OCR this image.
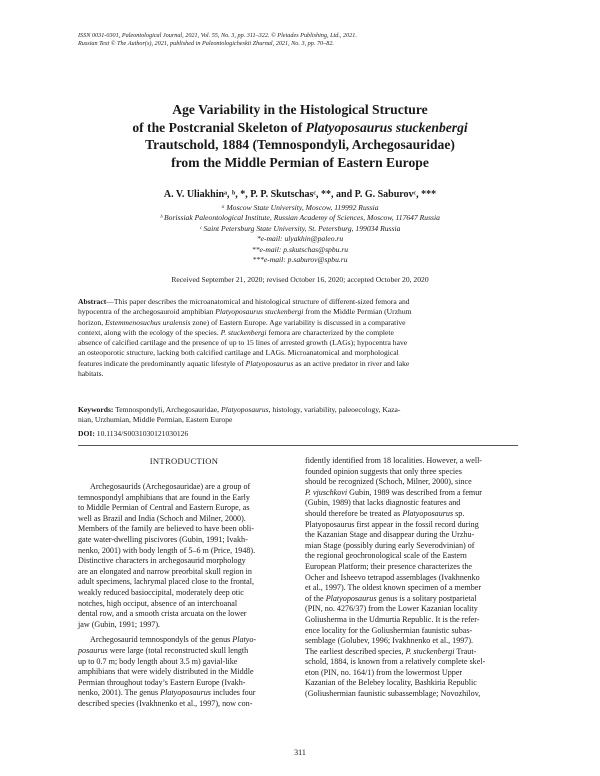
ISSN 0031-0301, Paleontological Journal, 2021, Vol. 55, No. 3, pp. 311–322. © Pleiades Publishing, Ltd., 2021.
Russian Text © The Author(s), 2021, published in Paleontologicheskii Zhurnal, 2021, No. 3, pp. 70–82.
Age Variability in the Histological Structure
of the Postcranial Skeleton of Platyoposaurus stuckenbergi
Trautschold, 1884 (Temnospondyli, Archegosauridae)
from the Middle Permian of Eastern Europe
A. V. Uliakhinᵃ, ᵇ, *, P. P. Skutschasᶜ, **, and P. G. Saburovᶜ, ***
ᵃ Moscow State University, Moscow, 119992 Russia
ᵇ Borissiak Paleontological Institute, Russian Academy of Sciences, Moscow, 117647 Russia
ᶜ Saint Petersburg State University, St. Petersburg, 199034 Russia
*e-mail: ulyakhin@paleo.ru
**e-mail: p.skutschas@spbu.ru
***e-mail: p.saburov@spbu.ru
Received September 21, 2020; revised October 16, 2020; accepted October 20, 2020
Abstract—This paper describes the microanatomical and histological structure of different-sized femora and
hypocentra of the archegosauroid amphibian Platyoposaurus stuckenbergi from the Middle Permian (Urzhum
horizon, Estemmenosuchus uralensis zone) of Eastern Europe. Age variability is discussed in a comparative
context, along with the ecology of the species. P. stuckenbergi femora are characterized by the complete
absence of calcified cartilage and the presence of up to 15 lines of arrested growth (LAGs); hypocentra have
an osteoporotic structure, lacking both calcified cartilage and LAGs. Microanatomical and morphological
features indicate the predominantly aquatic lifestyle of Platyoposaurus as an active predator in river and lake
habitats.
Keywords: Temnospondyli, Archegosauridae, Platyoposaurus, histology, variability, paleoecology, Kaza-
nian, Urzhumian, Middle Permian, Eastern Europe
DOI: 10.1134/S0031030121030126
INTRODUCTION
Archegosaurids (Archegosauridae) are a group of
temnospondyl amphibians that are found in the Early
to Middle Permian of Central and Eastern Europe, as
well as Brazil and India (Schoch and Milner, 2000).
Members of the family are believed to have been obli-
gate water-dwelling piscivores (Gubin, 1991; Ivakh-
nenko, 2001) with body length of 5–6 m (Price, 1948).
Distinctive characters in archegosaurid morphology
are an elongated and narrow preorbital skull region in
adult specimens, lachrymal placed close to the frontal,
weakly reduced basioccipital, moderately deep otic
notches, high occiput, absence of an interchoanal
dental row, and a smooth crista arcuata on the lower
jaw (Gubin, 1991; 1997).
Archegosaurid temnospondyls of the genus Platyo-
posaurus were large (total reconstructed skull length
up to 0.7 m; body length about 3.5 m) gavial-like
amphibians that were widely distributed in the Middle
Permian throughout today’s Eastern Europe (Ivakh-
nenko, 2001). The genus Platyoposaurus includes four
described species (Ivakhnenko et al., 1997), now con-
fidently identified from 18 localities. However, a well-
founded opinion suggests that only three species
should be recognized (Schoch, Milner, 2000), since
P. vjuschkovi Gubin, 1989 was described from a femur
(Gubin, 1989) that lacks diagnostic features and
should therefore be treated as Platyoposaurus sp.
Platyoposaurus first appear in the fossil record during
the Kazanian Stage and disappear during the Urzhu-
mian Stage (possibly during early Severodvinian) of
the regional geochronological scale of the Eastern
European Platform; their presence characterizes the
Ocher and Isheevo tetrapod assemblages (Ivakhnenko
et al., 1997). The oldest known specimen of a member
of the Platyoposaurus genus is a solitary postparietal
(PIN, no. 4276/37) from the Lower Kazanian locality
Golіusherma in the Udmurtia Republic. It is the refer-
ence locality for the Goliushermian faunistic subas-
semblage (Golubev, 1996; Ivakhnenko et al., 1997).
The earliest described species, P. stuckenbergi Traut-
schold, 1884, is known from a relatively complete skel-
eton (PIN, no. 164/1) from the lowermost Upper
Kazanian of the Belebey locality, Bashkiria Republic
(Goliushermian faunistic subassemblage; Novozhilov,
311
